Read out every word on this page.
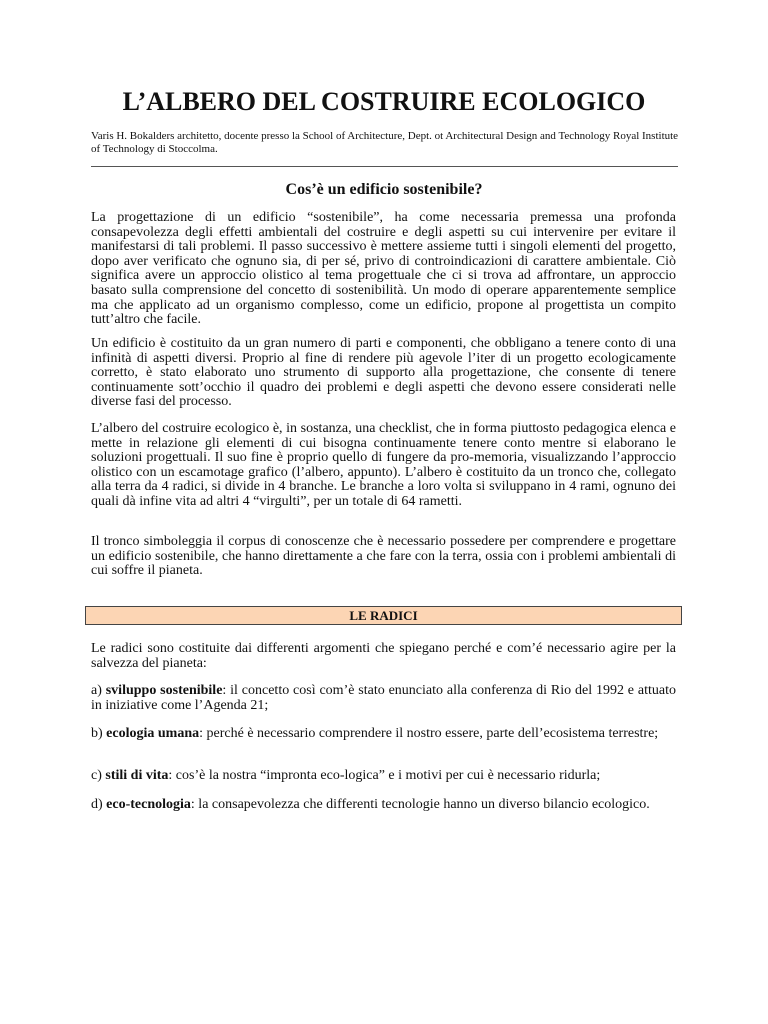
L’ALBERO DEL COSTRUIRE ECOLOGICO

Varis H. Bokalders architetto, docente presso la School of Architecture, Dept. ot Architectural Design and Technology Royal Institute of Technology di Stoccolma.

Cos’è un edificio sostenibile?

La progettazione di un edificio “sostenibile”, ha come necessaria premessa una profonda consapevolezza degli effetti ambientali del costruire e degli aspetti su cui intervenire per evitare il manifestarsi di tali problemi. Il passo successivo è mettere assieme tutti i singoli elementi del progetto, dopo aver verificato che ognuno sia, di per sé, privo di controindicazioni di carattere ambientale. Ciò significa avere un approccio olistico al tema progettuale che ci si trova ad affrontare, un approccio basato sulla comprensione del concetto di sostenibilità. Un modo di operare apparentemente semplice ma che applicato ad un organismo complesso, come un edificio, propone al progettista un compito tutt’altro che facile.

Un edificio è costituito da un gran numero di parti e componenti, che obbligano a tenere conto di una infinità di aspetti diversi. Proprio al fine di rendere più agevole l’iter di un progetto ecologicamente corretto, è stato elaborato uno strumento di supporto alla progettazione, che consente di tenere continuamente sott’occhio il quadro dei problemi e degli aspetti che devono essere considerati nelle diverse fasi del processo.

L’albero del costruire ecologico è, in sostanza, una checklist, che in forma piuttosto pedagogica elenca e mette in relazione gli elementi di cui bisogna continuamente tenere conto mentre si elaborano le soluzioni progettuali. Il suo fine è proprio quello di fungere da pro-memoria, visualizzando l’approccio olistico con un escamotage grafico (l’albero, appunto). L’albero è costituito da un tronco che, collegato alla terra da 4 radici, si divide in 4 branche. Le branche a loro volta si sviluppano in 4 rami, ognuno dei quali dà infine vita ad altri 4 “virgulti”, per un totale di 64 rametti.

Il tronco simboleggia il corpus di conoscenze che è necessario possedere per comprendere e progettare un edificio sostenibile, che hanno direttamente a che fare con la terra, ossia con i problemi ambientali di cui soffre il pianeta.

LE RADICI

Le radici sono costituite dai differenti argomenti che spiegano perché e com’é necessario agire per la salvezza del pianeta:

a) sviluppo sostenibile: il concetto così com’è stato enunciato alla conferenza di Rio del 1992 e attuato in iniziative come l’Agenda 21;

b) ecologia umana: perché è necessario comprendere il nostro essere, parte dell’ecosistema terrestre;

c) stili di vita: cos’è la nostra “impronta eco-logica” e i motivi per cui è necessario ridurla;

d) eco-tecnologia: la consapevolezza che differenti tecnologie hanno un diverso bilancio ecologico.
